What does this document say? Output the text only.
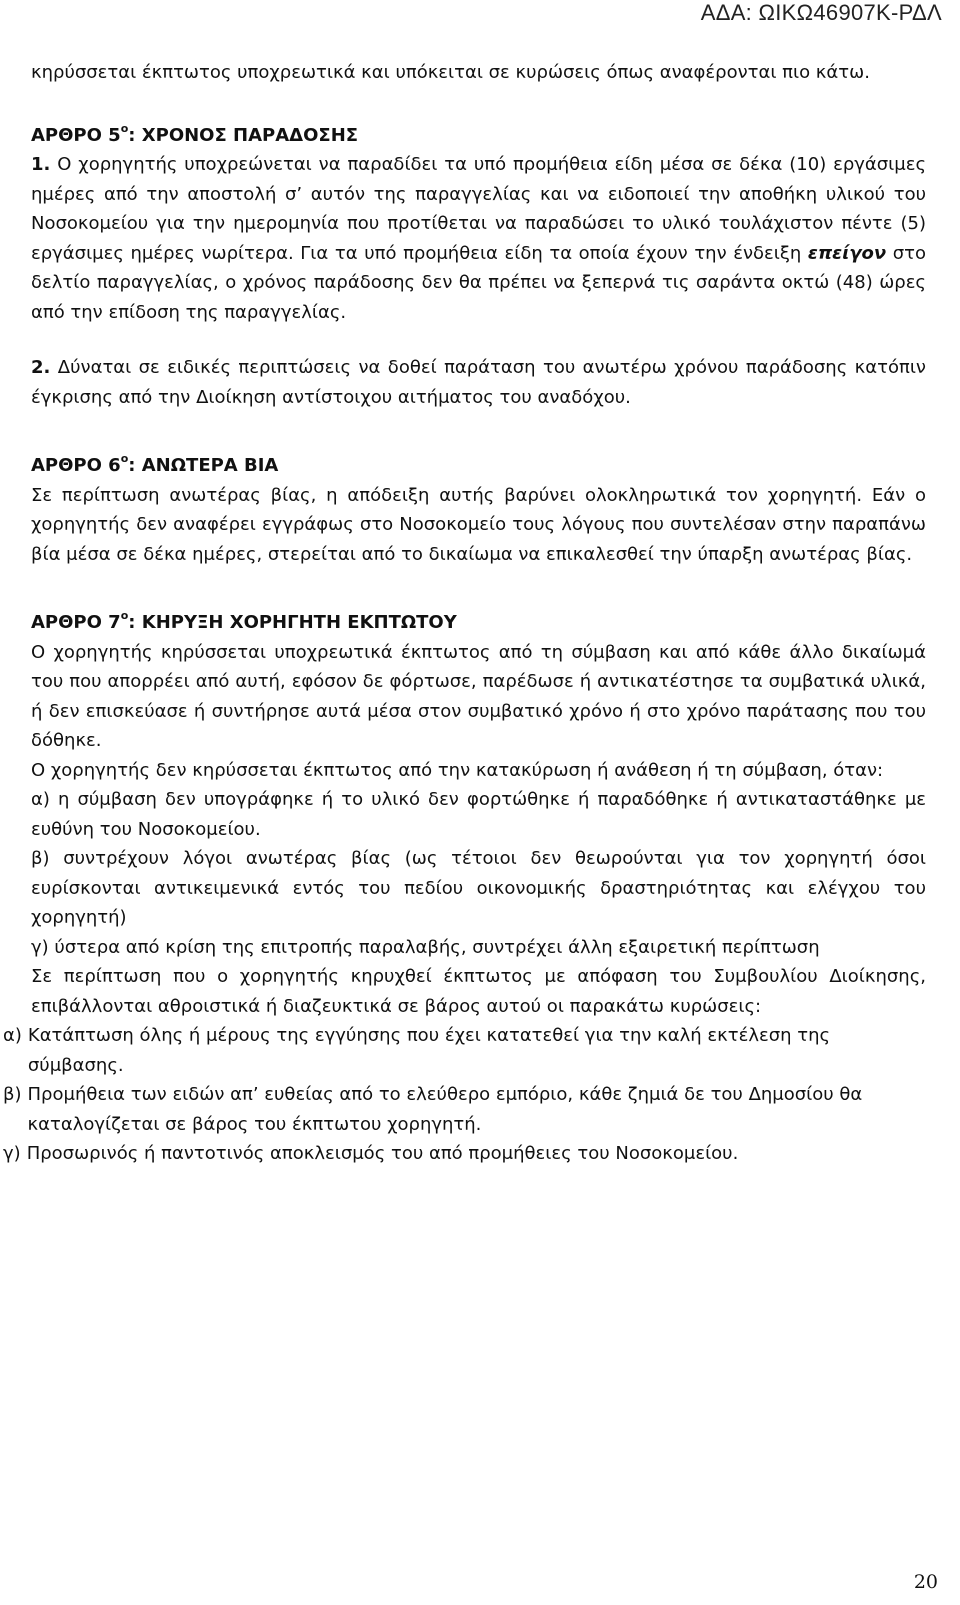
ΑΔΑ: ΩΙΚΩ46907Κ-ΡΔΛ

κηρύσσεται έκπτωτος υποχρεωτικά και υπόκειται σε κυρώσεις όπως αναφέρονται πιο κάτω.

ΑΡΘΡΟ $5^o$: ΧΡΟΝΟΣ ΠΑΡΑΔΟΣΗΣ

1. Ο χορηγητής υποχρεώνεται να παραδίδει τα υπό προμήθεια είδη μέσα σε δέκα (10) εργάσιμες ημέρες από την αποστολή σ’ αυτόν της παραγγελίας και να ειδοποιεί την αποθήκη υλικού του Νοσοκομείου για την ημερομηνία που προτίθεται να παραδώσει το υλικό τουλάχιστον πέντε (5) εργάσιμες ημέρες νωρίτερα. Για τα υπό προμήθεια είδη τα οποία έχουν την ένδειξη επείγον στο δελτίο παραγγελίας, ο χρόνος παράδοσης δεν θα πρέπει να ξεπερνά τις σαράντα οκτώ (48) ώρες από την επίδοση της παραγγελίας.

2. Δύναται σε ειδικές περιπτώσεις να δοθεί παράταση του ανωτέρω χρόνου παράδοσης κατόπιν έγκρισης από την Διοίκηση αντίστοιχου αιτήματος του αναδόχου.

ΑΡΘΡΟ $6^o$: ΑΝΩΤΕΡΑ ΒΙΑ

Σε περίπτωση ανωτέρας βίας, η απόδειξη αυτής βαρύνει ολοκληρωτικά τον χορηγητή. Εάν ο χορηγητής δεν αναφέρει εγγράφως στο Νοσοκομείο τους λόγους που συντελέσαν στην παραπάνω βία μέσα σε δέκα ημέρες, στερείται από το δικαίωμα να επικαλεσθεί την ύπαρξη ανωτέρας βίας.

ΑΡΘΡΟ $7^o$: ΚΗΡΥΞΗ ΧΟΡΗΓΗΤΗ ΕΚΠΤΩΤΟΥ

Ο χορηγητής κηρύσσεται υποχρεωτικά έκπτωτος από τη σύμβαση και από κάθε άλλο δικαίωμά του που απορρέει από αυτή, εφόσον δε φόρτωσε, παρέδωσε ή αντικατέστησε τα συμβατικά υλικά, ή δεν επισκεύασε ή συντήρησε αυτά μέσα στον συμβατικό χρόνο ή στο χρόνο παράτασης που του δόθηκε.

Ο χορηγητής δεν κηρύσσεται έκπτωτος από την κατακύρωση ή ανάθεση ή τη σύμβαση, όταν:

α) η σύμβαση δεν υπογράφηκε ή το υλικό δεν φορτώθηκε ή παραδόθηκε ή αντικαταστάθηκε με ευθύνη του Νοσοκομείου.

β) συντρέχουν λόγοι ανωτέρας βίας (ως τέτοιοι δεν θεωρούνται για τον χορηγητή όσοι ευρίσκονται αντικειμενικά εντός του πεδίου οικονομικής δραστηριότητας και ελέγχου του χορηγητή)

γ) ύστερα από κρίση της επιτροπής παραλαβής, συντρέχει άλλη εξαιρετική περίπτωση

Σε περίπτωση που ο χορηγητής κηρυχθεί έκπτωτος με απόφαση του Συμβουλίου Διοίκησης, επιβάλλονται αθροιστικά ή διαζευκτικά σε βάρος αυτού οι παρακάτω κυρώσεις:

α) Κατάπτωση όλης ή μέρους της εγγύησης που έχει κατατεθεί για την καλή εκτέλεση της σύμβασης.
β) Προμήθεια των ειδών απ’ ευθείας από το ελεύθερο εμπόριο, κάθε ζημιά δε του Δημοσίου θα καταλογίζεται σε βάρος του έκπτωτου χορηγητή.
γ) Προσωρινός ή παντοτινός αποκλεισμός του από προμήθειες του Νοσοκομείου.
20
